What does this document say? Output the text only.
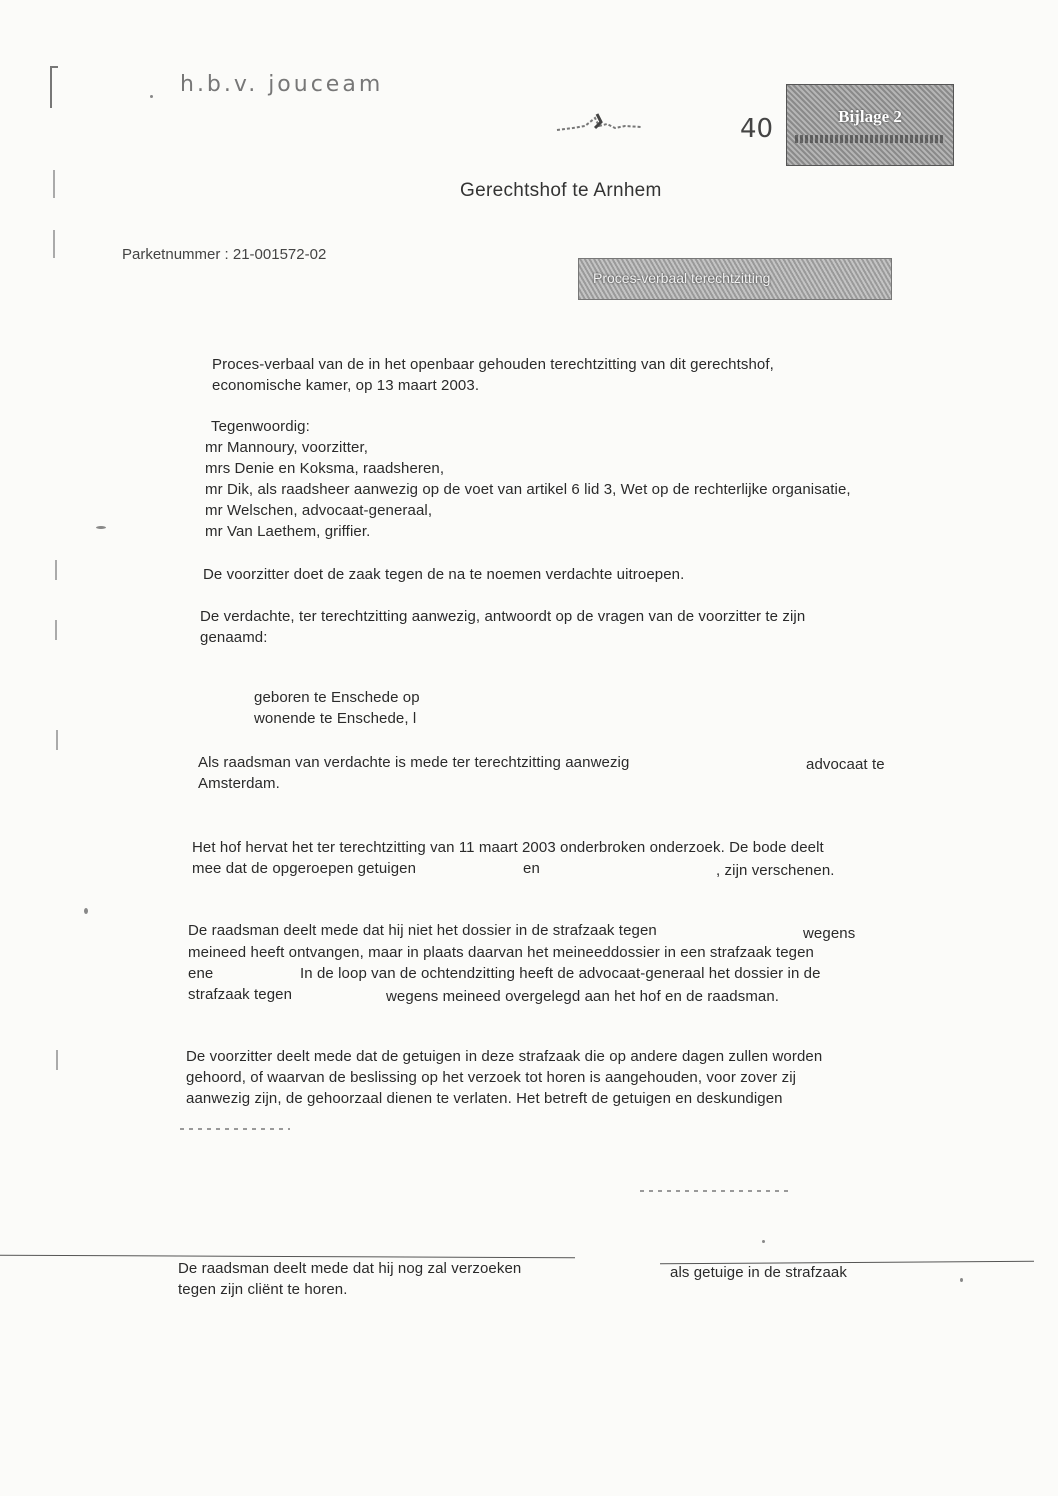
h.b.v. jouceam
40	Bijlage 2
Gerechtshof te Arnhem
Parketnummer : 21-001572-02
Proces-verbaal terechtzitting

Proces-verbaal van de in het openbaar gehouden terechtzitting van dit gerechtshof,

economische kamer, op 13 maart 2003.

Tegenwoordig:

mr Mannoury, voorzitter,

mrs Denie en Koksma, raadsheren,

mr Dik, als raadsheer aanwezig op de voet van artikel 6 lid 3, Wet op de rechterlijke organisatie,

mr Welschen, advocaat-generaal,

mr Van Laethem, griffier.

De voorzitter doet de zaak tegen de na te noemen verdachte uitroepen.

De verdachte, ter terechtzitting aanwezig, antwoordt op de vragen van de voorzitter te zijn

genaamd:

geboren te Enschede op

wonende te Enschede, l

Als raadsman van verdachte is mede ter terechtzitting aanwezig	advocaat te
Amsterdam.

Het hof hervat het ter terechtzitting van 11 maart 2003 onderbroken onderzoek. De bode deelt

mee dat de opgeroepen getuigen	en	, zijn verschenen.
De raadsman deelt mede dat hij niet het dossier in de strafzaak tegen	wegens
meineed heeft ontvangen, maar in plaats daarvan het meineeddossier in een strafzaak tegen
ene	In de loop van de ochtendzitting heeft de advocaat-generaal het dossier in de
strafzaak tegen	wegens meineed overgelegd aan het hof en de raadsman.

De voorzitter deelt mede dat de getuigen in deze strafzaak die op andere dagen zullen worden

gehoord, of waarvan de beslissing op het verzoek tot horen is aangehouden, voor zover zij

aanwezig zijn, de gehoorzaal dienen te verlaten. Het betreft de getuigen en deskundigen

De raadsman deelt mede dat hij nog zal verzoeken	als getuige in de strafzaak
tegen zijn cliënt te horen.
